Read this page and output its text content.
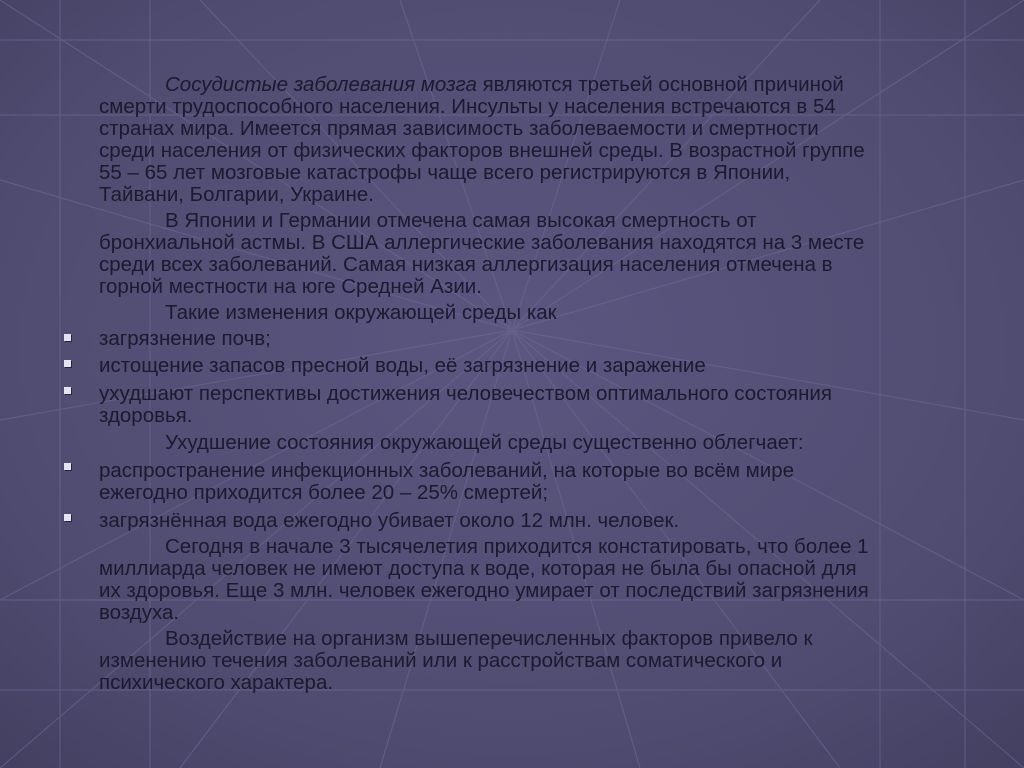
Сосудистые заболевания мозга являются третьей основной причиной
смерти трудоспособного населения. Инсульты у населения встречаются в 54
странах мира. Имеется прямая зависимость заболеваемости и смертности
среди населения от физических факторов внешней среды. В возрастной группе
55 – 65 лет мозговые катастрофы чаще всего регистрируются в Японии,
Тайвани, Болгарии, Украине.
В Японии и Германии отмечена самая высокая смертность от
бронхиальной астмы. В США аллергические заболевания находятся на 3 месте
среди всех заболеваний. Самая низкая аллергизация населения отмечена в
горной местности на юге Средней Азии.
Такие изменения окружающей среды как
загрязнение почв;
истощение запасов пресной воды, её загрязнение и заражение
ухудшают перспективы достижения человечеством оптимального состояния
здоровья.
Ухудшение состояния окружающей среды существенно облегчает:
распространение инфекционных заболеваний, на которые во всём мире
ежегодно приходится более 20 – 25% смертей;
загрязнённая вода ежегодно убивает около 12 млн. человек.
Сегодня в начале 3 тысячелетия приходится констатировать, что более 1
миллиарда человек не имеют доступа к воде, которая не была бы опасной для
их здоровья. Еще 3 млн. человек ежегодно умирает от последствий загрязнения
воздуха.
Воздействие на организм вышеперечисленных факторов привело к
изменению течения заболеваний или к расстройствам соматического и
психического характера.
